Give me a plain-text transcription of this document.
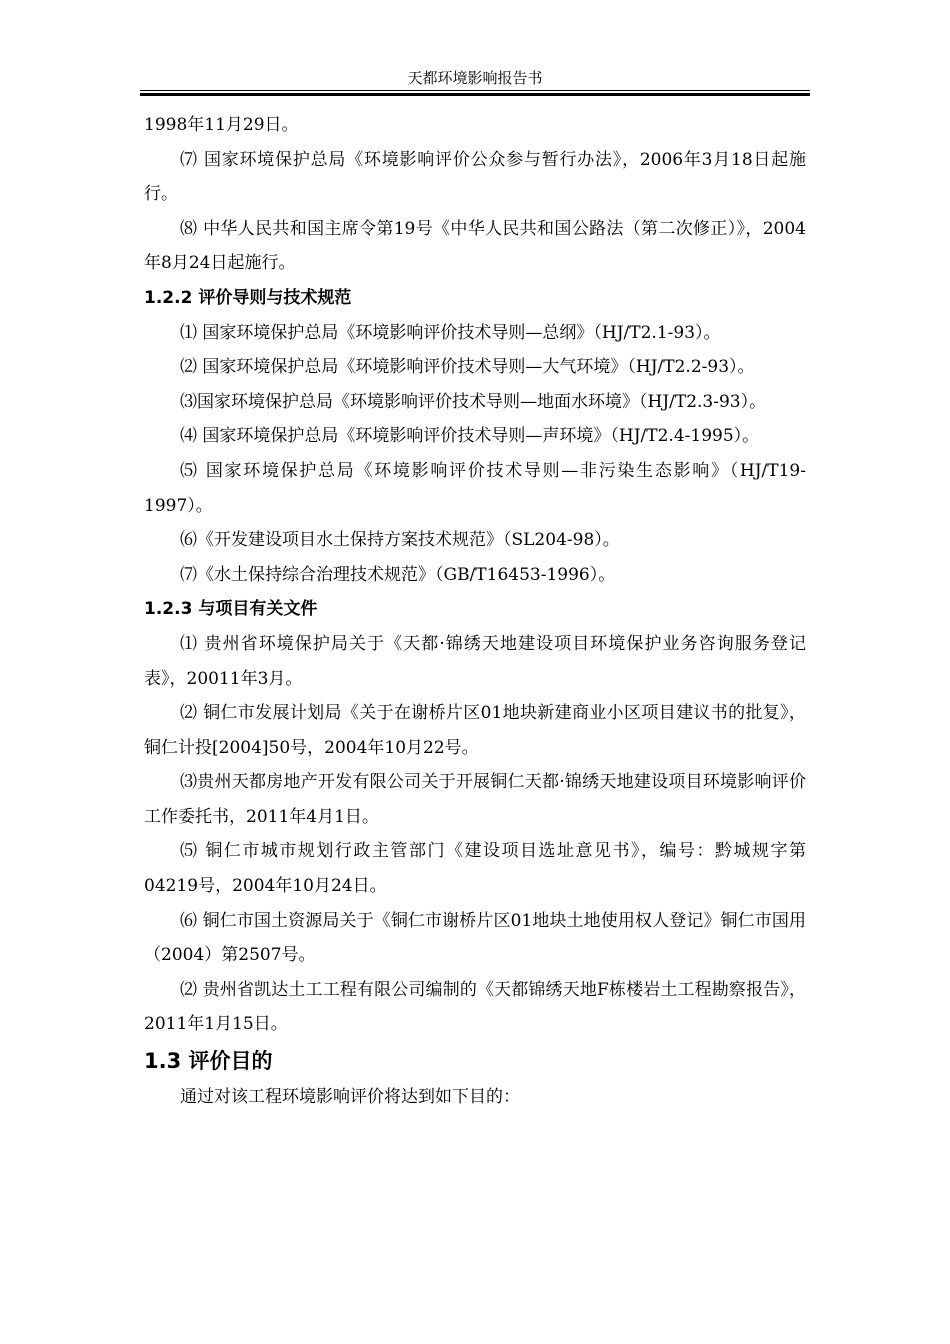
天都环境影响报告书

1998年11月29日。

⑺ 国家环境保护总局《环境影响评价公众参与暂行办法》，2006年3月18日起施行。

⑻ 中华人民共和国主席令第19号《中华人民共和国公路法（第二次修正）》，2004年8月24日起施行。

1.2.2 评价导则与技术规范

⑴ 国家环境保护总局《环境影响评价技术导则—总纲》（HJ/T2.1-93）。

⑵ 国家环境保护总局《环境影响评价技术导则—大气环境》（HJ/T2.2-93）。

⑶国家环境保护总局《环境影响评价技术导则—地面水环境》（HJ/T2.3-93）。

⑷ 国家环境保护总局《环境影响评价技术导则—声环境》（HJ/T2.4-1995）。

⑸ 国家环境保护总局《环境影响评价技术导则—非污染生态影响》（HJ/T19-1997）。

⑹《开发建设项目水土保持方案技术规范》（SL204-98）。

⑺《水土保持综合治理技术规范》（GB/T16453-1996）。

1.2.3 与项目有关文件

⑴ 贵州省环境保护局关于《天都·锦绣天地建设项目环境保护业务咨询服务登记表》，20011年3月。

⑵ 铜仁市发展计划局《关于在谢桥片区01地块新建商业小区项目建议书的批复》，铜仁计投[2004]50号，2004年10月22号。

⑶贵州天都房地产开发有限公司关于开展铜仁天都·锦绣天地建设项目环境影响评价工作委托书，2011年4月1日。

⑸ 铜仁市城市规划行政主管部门《建设项目选址意见书》，编号：黔城规字第04219号，2004年10月24日。

⑹ 铜仁市国土资源局关于《铜仁市谢桥片区01地块土地使用权人登记》铜仁市国用（2004）第2507号。

⑵ 贵州省凯达土工工程有限公司编制的《天都锦绣天地F栋楼岩土工程勘察报告》，2011年1月15日。

1.3 评价目的

通过对该工程环境影响评价将达到如下目的：
